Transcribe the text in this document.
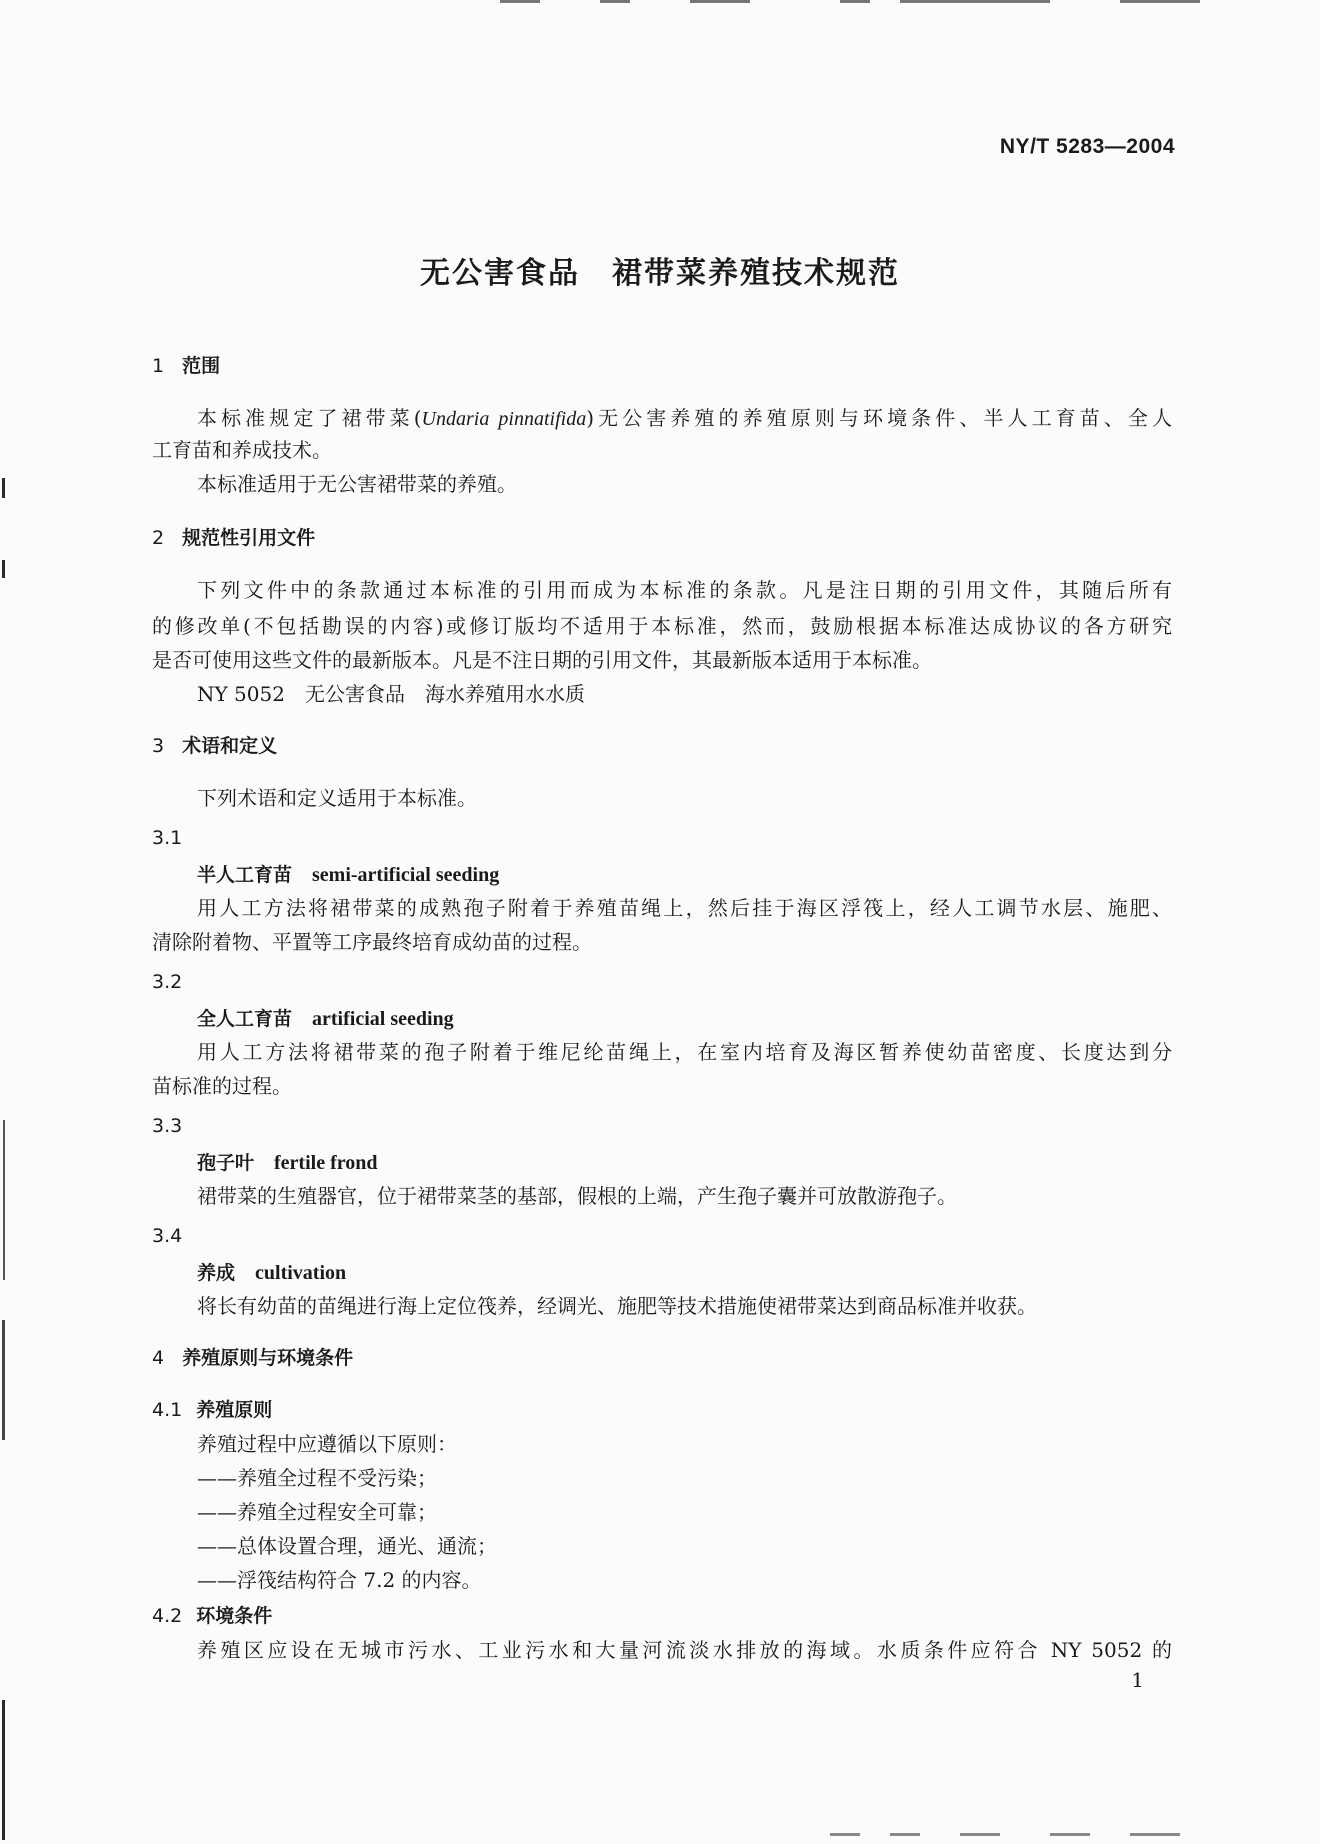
NY/T 5283—2004
无公害食品　裙带菜养殖技术规范
1 范围
本标准规定了裙带菜(Undaria pinnatifida)无公害养殖的养殖原则与环境条件、半人工育苗、全人
工育苗和养成技术。
本标准适用于无公害裙带菜的养殖。
2 规范性引用文件
下列文件中的条款通过本标准的引用而成为本标准的条款。凡是注日期的引用文件，其随后所有
的修改单(不包括勘误的内容)或修订版均不适用于本标准，然而，鼓励根据本标准达成协议的各方研究
是否可使用这些文件的最新版本。凡是不注日期的引用文件，其最新版本适用于本标准。
NY 5052　无公害食品　海水养殖用水水质
3 术语和定义
下列术语和定义适用于本标准。
3.1
半人工育苗 semi-artificial seeding
用人工方法将裙带菜的成熟孢子附着于养殖苗绳上，然后挂于海区浮筏上，经人工调节水层、施肥、
清除附着物、平置等工序最终培育成幼苗的过程。
3.2
全人工育苗 artificial seeding
用人工方法将裙带菜的孢子附着于维尼纶苗绳上，在室内培育及海区暂养使幼苗密度、长度达到分
苗标准的过程。
3.3
孢子叶 fertile frond
裙带菜的生殖器官，位于裙带菜茎的基部，假根的上端，产生孢子囊并可放散游孢子。
3.4
养成 cultivation
将长有幼苗的苗绳进行海上定位筏养，经调光、施肥等技术措施使裙带菜达到商品标准并收获。
4 养殖原则与环境条件
4.1 养殖原则
养殖过程中应遵循以下原则：
——养殖全过程不受污染；
——养殖全过程安全可靠；
——总体设置合理，通光、通流；
——浮筏结构符合 7.2 的内容。
4.2 环境条件
养殖区应设在无城市污水、工业污水和大量河流淡水排放的海域。水质条件应符合 NY 5052 的
1
